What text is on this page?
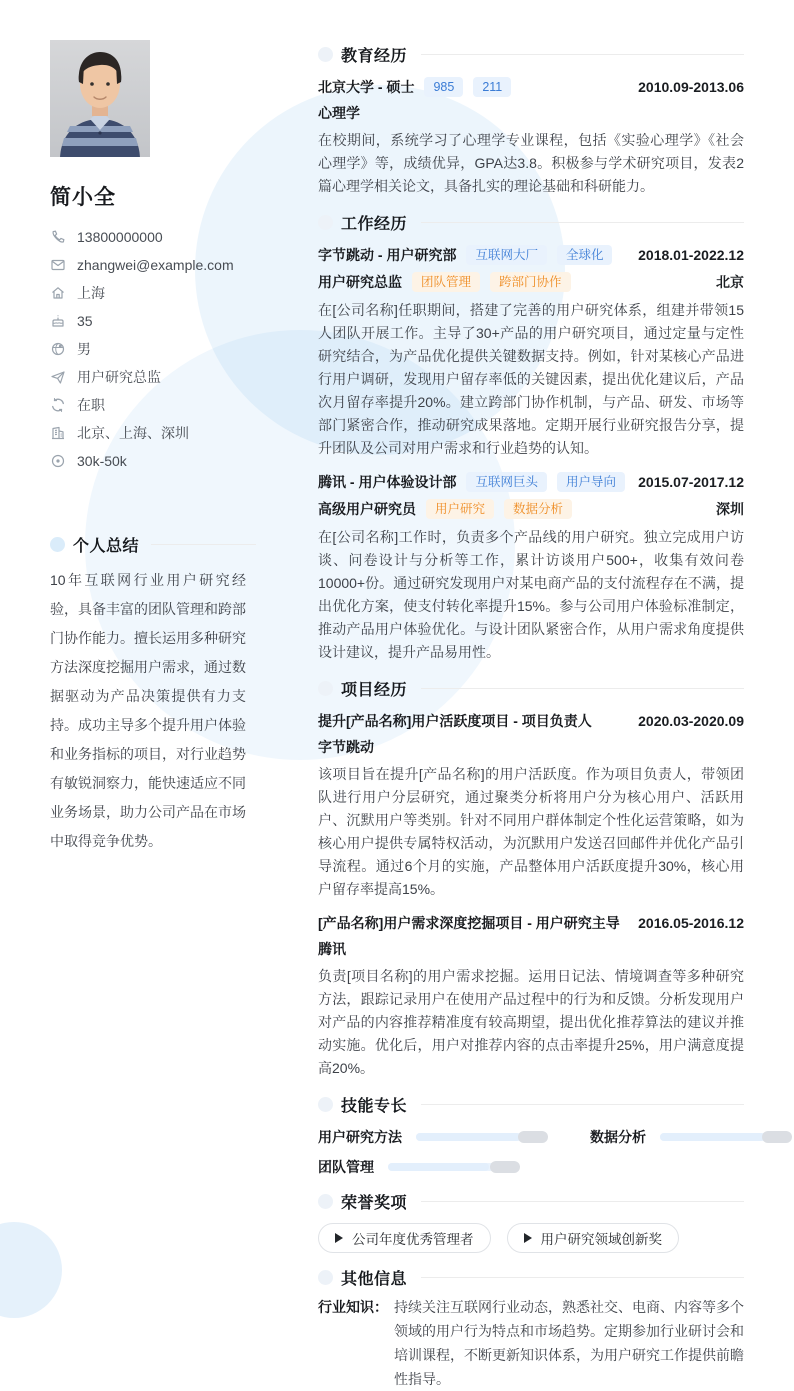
简小全
13800000000
zhangwei@example.com
上海
35
男
用户研究总监
在职
北京、上海、深圳
30k-50k
个人总结

10年互联网行业用户研究经验，具备丰富的团队管理和跨部门协作能力。擅长运用多种研究方法深度挖掘用户需求，通过数据驱动为产品决策提供有力支持。成功主导多个提升用户体验和业务指标的项目，对行业趋势有敏锐洞察力，能快速适应不同业务场景，助力公司产品在市场中取得竞争优势。

教育经历
北京大学 - 硕士	985	211	2010.09-2013.06
心理学

在校期间，系统学习了心理学专业课程，包括《实验心理学》《社会心理学》等，成绩优异，GPA达3.8。积极参与学术研究项目，发表2篇心理学相关论文，具备扎实的理论基础和科研能力。

工作经历
字节跳动 - 用户研究部	互联网大厂	全球化	2018.01-2022.12
用户研究总监	团队管理	跨部门协作	北京

在[公司名称]任职期间，搭建了完善的用户研究体系，组建并带领15人团队开展工作。主导了30+产品的用户研究项目，通过定量与定性研究结合，为产品优化提供关键数据支持。例如，针对某核心产品进行用户调研，发现用户留存率低的关键因素，提出优化建议后，产品次月留存率提升20%。建立跨部门协作机制，与产品、研发、市场等部门紧密合作，推动研究成果落地。定期开展行业研究报告分享，提升团队及公司对用户需求和行业趋势的认知。

腾讯 - 用户体验设计部	互联网巨头	用户导向	2015.07-2017.12
高级用户研究员	用户研究	数据分析	深圳

在[公司名称]工作时，负责多个产品线的用户研究。独立完成用户访谈、问卷设计与分析等工作，累计访谈用户500+，收集有效问卷10000+份。通过研究发现用户对某电商产品的支付流程存在不满，提出优化方案，使支付转化率提升15%。参与公司用户体验标准制定，推动产品用户体验优化。与设计团队紧密合作，从用户需求角度提供设计建议，提升产品易用性。

项目经历
提升[产品名称]用户活跃度项目 - 项目负责人	2020.03-2020.09
字节跳动

该项目旨在提升[产品名称]的用户活跃度。作为项目负责人，带领团队进行用户分层研究，通过聚类分析将用户分为核心用户、活跃用户、沉默用户等类别。针对不同用户群体制定个性化运营策略，如为核心用户提供专属特权活动，为沉默用户发送召回邮件并优化产品引导流程。通过6个月的实施，产品整体用户活跃度提升30%，核心用户留存率提高15%。

[产品名称]用户需求深度挖掘项目 - 用户研究主导 2016.05-2016.12
腾讯

负责[项目名称]的用户需求挖掘。运用日记法、情境调查等多种研究方法，跟踪记录用户在使用产品过程中的行为和反馈。分析发现用户对产品的内容推荐精准度有较高期望，提出优化推荐算法的建议并推动实施。优化后，用户对推荐内容的点击率提升25%，用户满意度提高20%。

技能专长
用户研究方法	数据分析
团队管理
荣誉奖项
公司年度优秀管理者	用户研究领域创新奖
其他信息
行业知识： 持续关注互联网行业动态，熟悉社交、电商、内容等多个领域的用户行为特点和市场趋势。定期参加行业研讨会和培训课程，不断更新知识体系，为用户研究工作提供前瞻性指导。
